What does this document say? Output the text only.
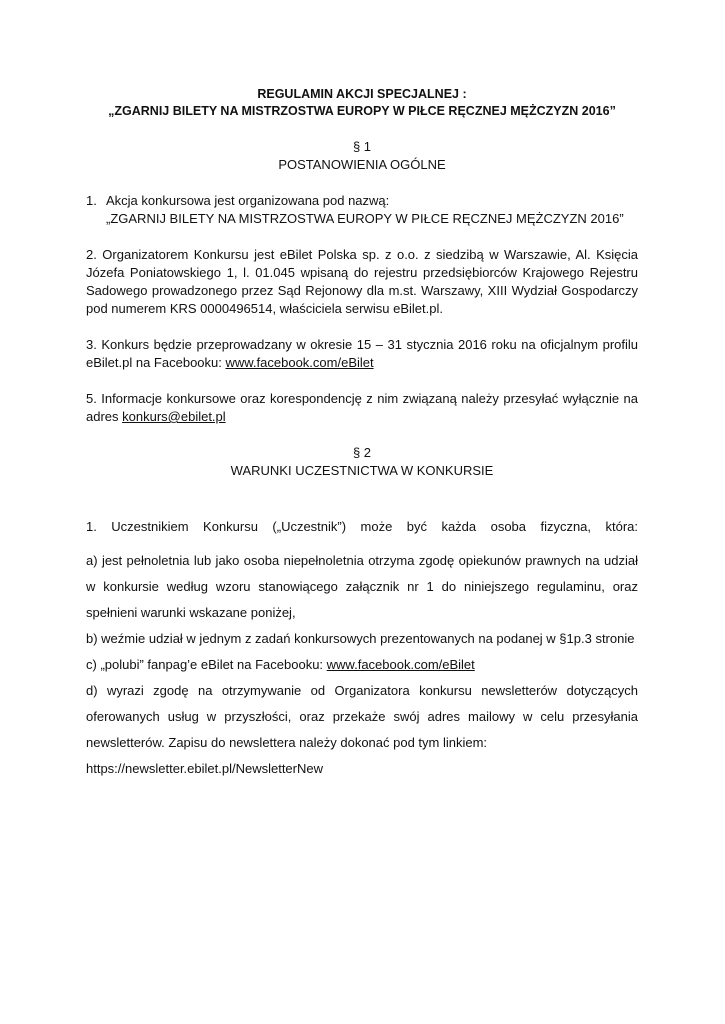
REGULAMIN AKCJI SPECJALNEJ :

„ZGARNIJ BILETY NA MISTRZOSTWA EUROPY W PIŁCE RĘCZNEJ MĘŻCZYZN 2016”

§ 1

POSTANOWIENIA OGÓLNE

1. Akcja konkursowa jest organizowana pod nazwą:
„ZGARNIJ BILETY NA MISTRZOSTWA EUROPY W PIŁCE RĘCZNEJ MĘŻCZYZN 2016”

2. Organizatorem Konkursu jest eBilet Polska sp. z o.o. z siedzibą w Warszawie, Al. Księcia Józefa Poniatowskiego 1, l. 01.045 wpisaną do rejestru przedsiębiorców Krajowego Rejestru Sadowego prowadzonego przez Sąd Rejonowy dla m.st. Warszawy, XIII Wydział Gospodarczy pod numerem KRS 0000496514, właściciela serwisu eBilet.pl.

3. Konkurs będzie przeprowadzany w okresie 15 – 31 stycznia 2016 roku na oficjalnym profilu eBilet.pl na Facebooku: www.facebook.com/eBilet

5. Informacje konkursowe oraz korespondencję z nim związaną należy przesyłać wyłącznie na adres konkurs@ebilet.pl

§ 2

WARUNKI UCZESTNICTWA W KONKURSIE

1. Uczestnikiem Konkursu („Uczestnik”) może być każda osoba fizyczna, która:

a) jest pełnoletnia lub jako osoba niepełnoletnia otrzyma zgodę opiekunów prawnych na udział w konkursie według wzoru stanowiącego załącznik nr 1 do niniejszego regulaminu, oraz spełnieni warunki wskazane poniżej,

b) weźmie udział w jednym z zadań konkursowych prezentowanych na podanej w §1p.3 stronie

c) „polubi” fanpag’e eBilet na Facebooku: www.facebook.com/eBilet

d) wyrazi zgodę na otrzymywanie od Organizatora konkursu newsletterów dotyczących oferowanych usług w przyszłości, oraz przekaże swój adres mailowy w celu przesyłania newsletterów. Zapisu do newslettera należy dokonać pod tym linkiem:

https://newsletter.ebilet.pl/NewsletterNew
